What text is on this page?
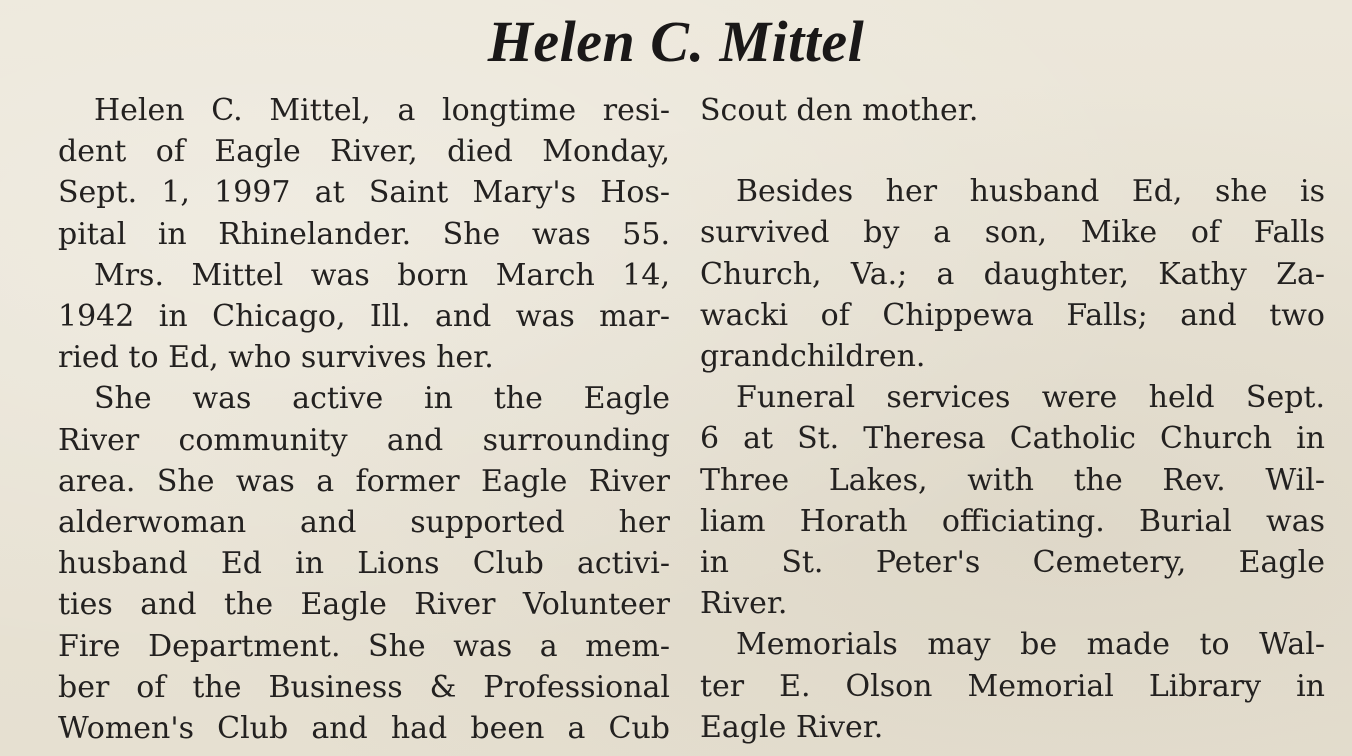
Helen C. Mittel
Helen C. Mittel, a longtime resi-
dent of Eagle River, died Monday,
Sept. 1, 1997 at Saint Mary's Hos-
pital in Rhinelander. She was 55.
Mrs. Mittel was born March 14,
1942 in Chicago, Ill. and was mar-
ried to Ed, who survives her.
She was active in the Eagle
River community and surrounding
area. She was a former Eagle River
alderwoman and supported her
husband Ed in Lions Club activi-
ties and the Eagle River Volunteer
Fire Department. She was a mem-
ber of the Business & Professional
Women's Club and had been a Cub
Scout den mother.
Besides her husband Ed, she is
survived by a son, Mike of Falls
Church, Va.; a daughter, Kathy Za-
wacki of Chippewa Falls; and two
grandchildren.
Funeral services were held Sept.
6 at St. Theresa Catholic Church in
Three Lakes, with the Rev. Wil-
liam Horath officiating. Burial was
in St. Peter's Cemetery, Eagle
River.
Memorials may be made to Wal-
ter E. Olson Memorial Library in
Eagle River.
